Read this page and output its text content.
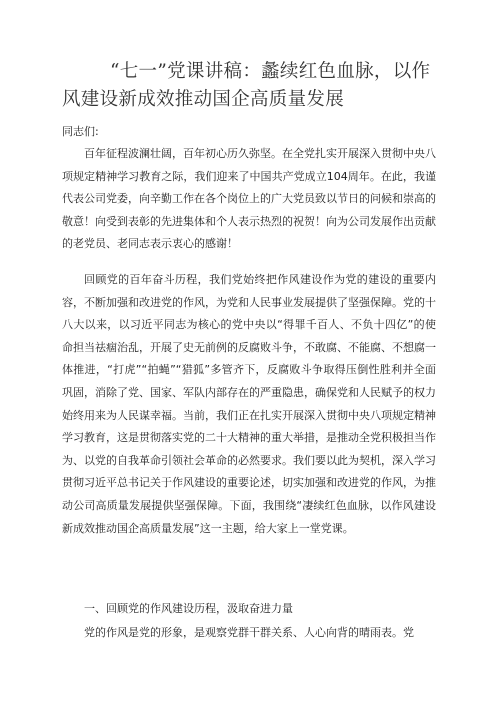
“七一”党课讲稿：蠡续红色血脉，以作风建设新成效推动国企高质量发展
同志们:

百年征程波澜壮阔，百年初心历久弥坚。在全党扎实开展深入贯彻中央八项规定精神学习教育之际，我们迎来了中国共产党成立104周年。在此，我谨代表公司党委，向辛勤工作在各个岗位上的广大党员致以节日的问候和崇高的敬意！向受到表彰的先进集体和个人表示热烈的祝贺！向为公司发展作出贡献的老党员、老同志表示衷心的感谢！

回顾党的百年奋斗历程，我们党始终把作风建设作为党的建设的重要内容，不断加强和改进党的作风，为党和人民事业发展提供了坚强保障。党的十八大以来，以习近平同志为核心的党中央以“得罪千百人、不负十四亿”的使命担当祛痼治乱，开展了史无前例的反腐败斗争，不敢腐、不能腐、不想腐一体推进，“打虎”“拍蝇”“猎狐”多管齐下，反腐败斗争取得压倒性胜利并全面巩固，消除了党、国家、军队内部存在的严重隐患，确保党和人民赋予的权力始终用来为人民谋幸福。当前，我们正在扎实开展深入贯彻中央八项规定精神学习教育，这是贯彻落实党的二十大精神的重大举措，是推动全党积极担当作为、以党的自我革命引领社会革命的必然要求。我们要以此为契机，深入学习贯彻习近平总书记关于作风建设的重要论述，切实加强和改进党的作风，为推动公司高质量发展提供坚强保障。下面，我围绕“凄续红色血脉，以作风建设新成效推动国企高质量发展”这一主题，给大家上一堂党课。

一、回顾党的作风建设历程，汲取奋进力量

党的作风是党的形象，是观察党群干群关系、人心向背的晴雨表。党
